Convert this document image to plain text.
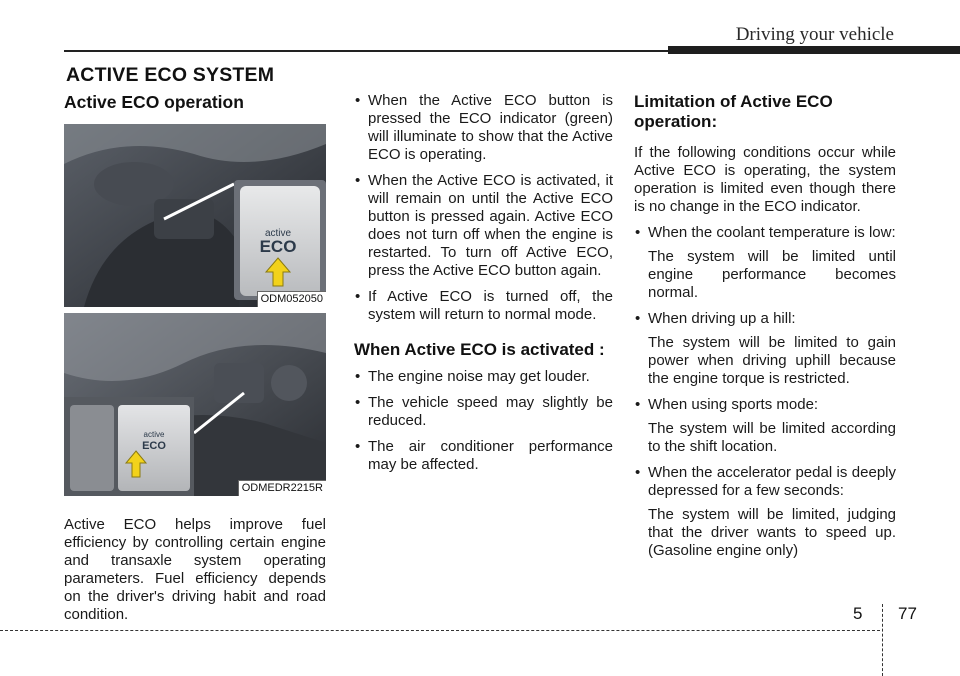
Driving your vehicle
ACTIVE ECO SYSTEM
Active ECO operation
active
ECO
ODM052050
active
ECO
ODMEDR2215R

Active ECO helps improve fuel efficiency by controlling certain engine and transaxle system operating parameters. Fuel efficiency depends on the driver's driving habit and road condition.

• When the Active ECO button is pressed the ECO indicator (green) will illuminate to show that the Active ECO is operating.
• When the Active ECO is activated, it will remain on until the Active ECO button is pressed again. Active ECO does not turn off when the engine is restarted. To turn off Active ECO, press the Active ECO button again.
• If Active ECO is turned off, the system will return to normal mode.
When Active ECO is activated :
• The engine noise may get louder.
• The vehicle speed may slightly be reduced.
• The air conditioner performance may be affected.
Limitation of Active ECO operation:

If the following conditions occur while Active ECO is operating, the system operation is limited even though there is no change in the ECO indicator.

• When the coolant temperature is low:

The system will be limited until engine performance becomes normal.

• When driving up a hill:

The system will be limited to gain power when driving uphill because the engine torque is restricted.

• When using sports mode:

The system will be limited according to the shift location.

• When the accelerator pedal is deeply depressed for a few seconds:

The system will be limited, judging that the driver wants to speed up. (Gasoline engine only)

5 77
